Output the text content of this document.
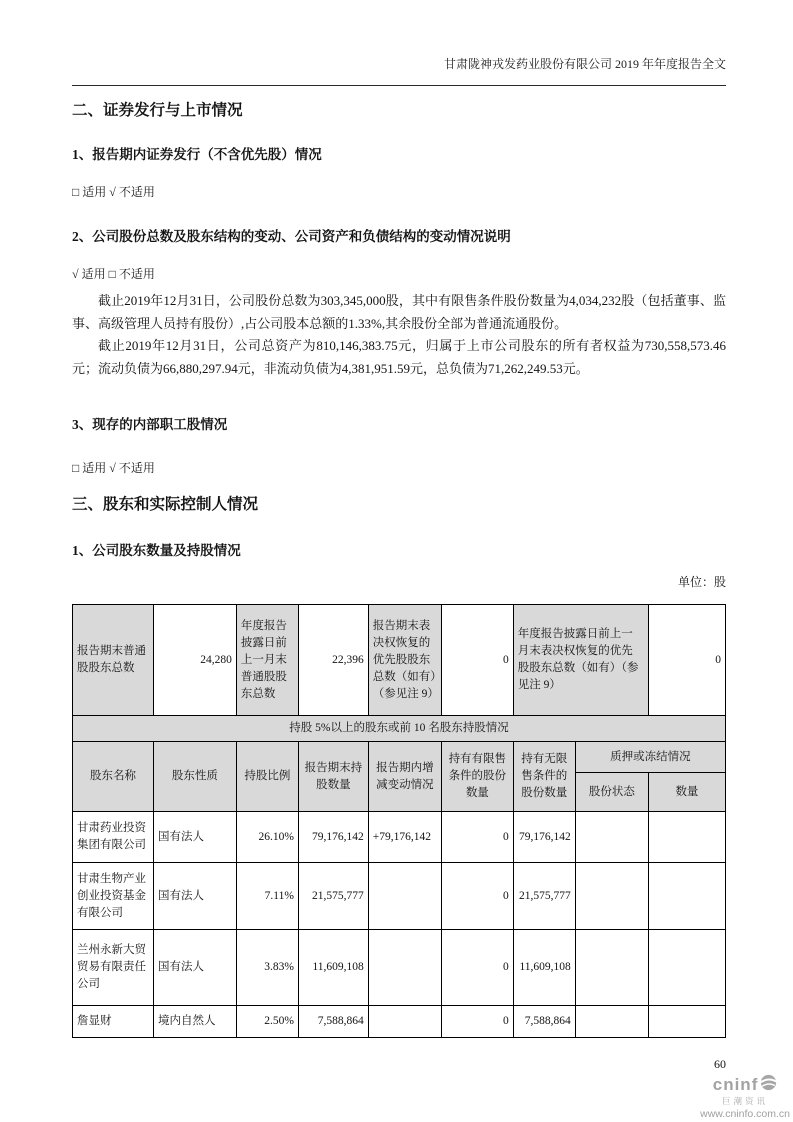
甘肃陇神戎发药业股份有限公司 2019 年年度报告全文
二、证券发行与上市情况
1、报告期内证券发行（不含优先股）情况
□ 适用 √ 不适用
2、公司股份总数及股东结构的变动、公司资产和负债结构的变动情况说明
√ 适用 □ 不适用

截止2019年12月31日，公司股份总数为303,345,000股，其中有限售条件股份数量为4,034,232股（包括董事、监事、高级管理人员持有股份）,占公司股本总额的1.33%,其余股份全部为普通流通股份。

截止2019年12月31日，公司总资产为810,146,383.75元，归属于上市公司股东的所有者权益为730,558,573.46元；流动负债为66,880,297.94元，非流动负债为4,381,951.59元，总负债为71,262,249.53元。

3、现存的内部职工股情况
□ 适用 √ 不适用
三、股东和实际控制人情况
1、公司股东数量及持股情况
单位：股
报告期末普通股股东总数	24,280	年度报告披露日前上一月末普通股股东总数	22,396	报告期末表决权恢复的优先股股东总数（如有）（参见注 9）	0	年度报告披露日前上一月末表决权恢复的优先股股东总数（如有）（参见注 9）		0
持股 5%以上的股东或前 10 名股东持股情况								
股东名称	股东性质	持股比例	报告期末持股数量	报告期内增减变动情况	持有有限售条件的股份数量	持有无限售条件的股份数量	质押或冻结情况	
							股份状态	数量
甘肃药业投资集团有限公司	国有法人	26.10%	79,176,142	+79,176,142	0	79,176,142		
甘肃生物产业创业投资基金有限公司	国有法人	7.11%	21,575,777		0	21,575,777		
兰州永新大贸贸易有限责任公司	国有法人	3.83%	11,609,108		0	11,609,108		
詹显财	境内自然人	2.50%	7,588,864		0	7,588,864		
60
cninf
巨潮资讯
www.cninfo.com.cn
